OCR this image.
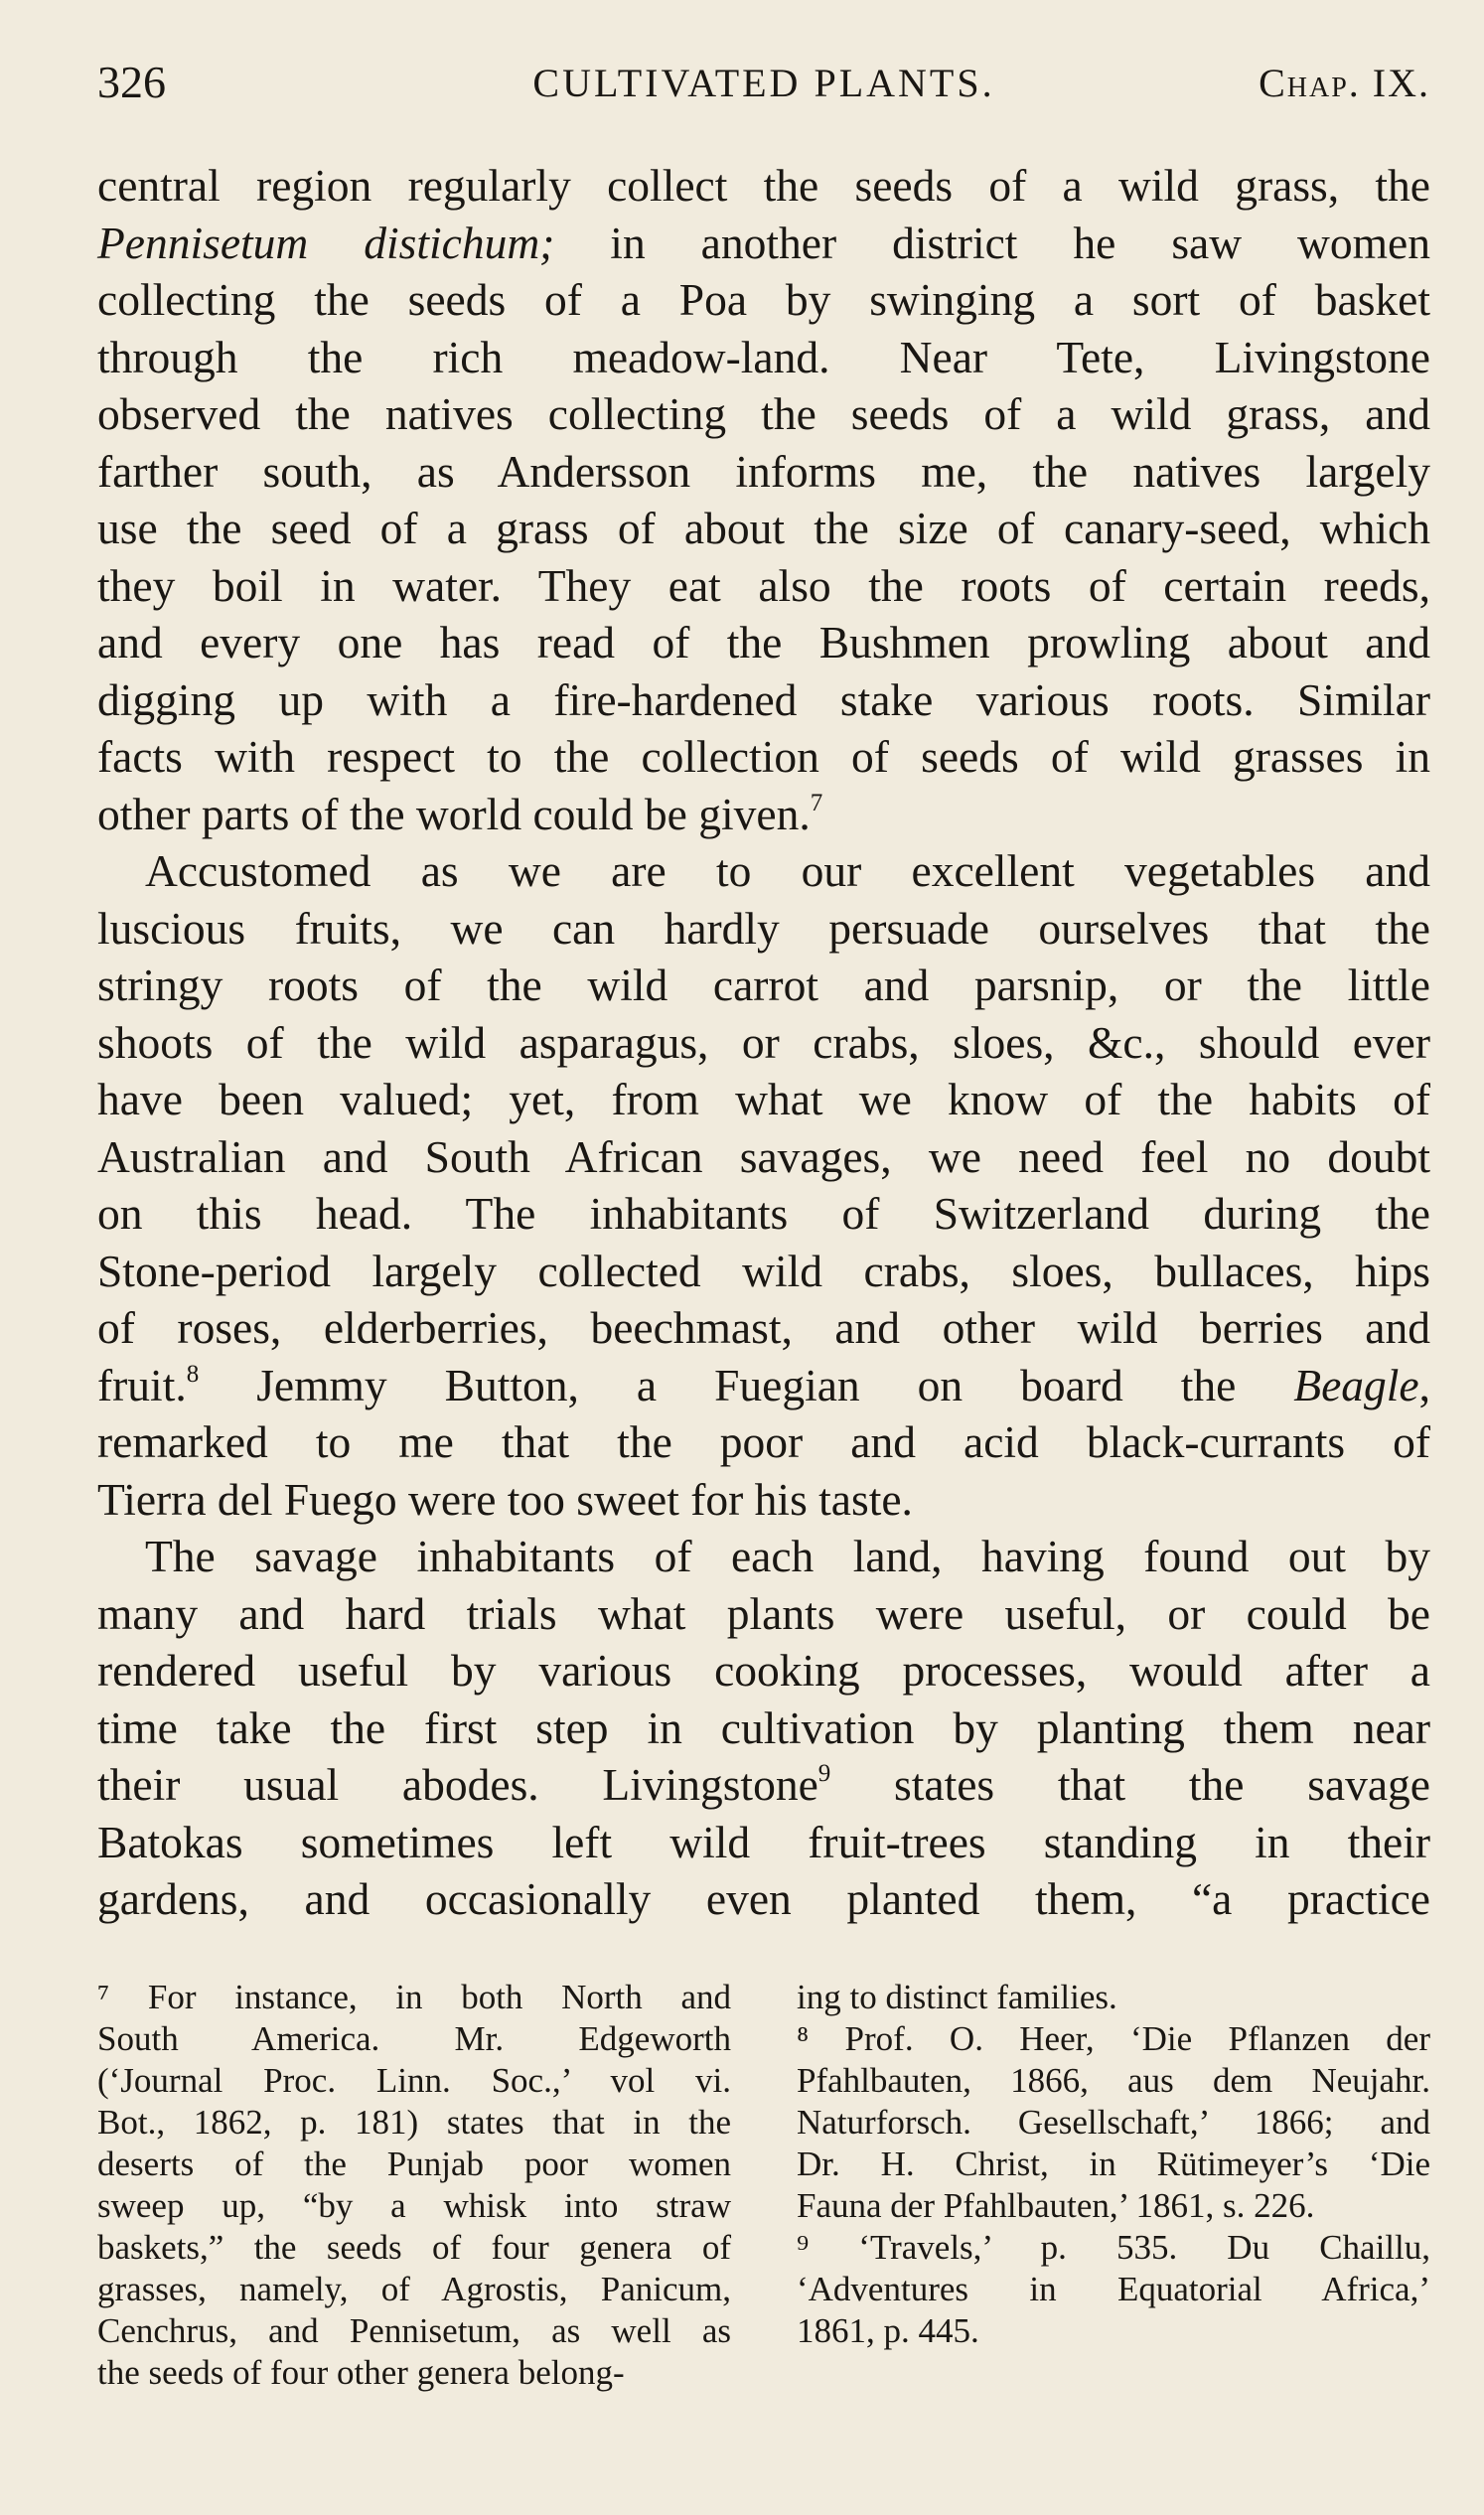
326	CULTIVATED PLANTS.	Chap. IX.

central region regularly collect the seeds of a wild grass, the

Pennisetum distichum; in another district he saw women

collecting the seeds of a Poa by swinging a sort of basket

through the rich meadow-land. Near Tete, Livingstone

observed the natives collecting the seeds of a wild grass, and

farther south, as Andersson informs me, the natives largely

use the seed of a grass of about the size of canary-seed, which

they boil in water. They eat also the roots of certain reeds,

and every one has read of the Bushmen prowling about and

digging up with a fire-hardened stake various roots. Similar

facts with respect to the collection of seeds of wild grasses in

other parts of the world could be given.$^7$

Accustomed as we are to our excellent vegetables and

luscious fruits, we can hardly persuade ourselves that the

stringy roots of the wild carrot and parsnip, or the little

shoots of the wild asparagus, or crabs, sloes, &c., should ever

have been valued; yet, from what we know of the habits of

Australian and South African savages, we need feel no doubt

on this head. The inhabitants of Switzerland during the

Stone-period largely collected wild crabs, sloes, bullaces, hips

of roses, elderberries, beechmast, and other wild berries and

fruit.$^8$ Jemmy Button, a Fuegian on board the Beagle,

remarked to me that the poor and acid black-currants of

Tierra del Fuego were too sweet for his taste.

The savage inhabitants of each land, having found out by

many and hard trials what plants were useful, or could be

rendered useful by various cooking processes, would after a

time take the first step in cultivation by planting them near

their usual abodes. Livingstone$^9$ states that the savage

Batokas sometimes left wild fruit-trees standing in their

gardens, and occasionally even planted them, “a practice

⁷ For instance, in both North and
South America. Mr. Edgeworth
(‘Journal Proc. Linn. Soc.,’ vol vi.
Bot., 1862, p. 181) states that in the
deserts of the Punjab poor women
sweep up, “by a whisk into straw
baskets,” the seeds of four genera of
grasses, namely, of Agrostis, Panicum,
Cenchrus, and Pennisetum, as well as
the seeds of four other genera belong-
ing to distinct families.
⁸ Prof. O. Heer, ‘Die Pflanzen der
Pfahlbauten, 1866, aus dem Neujahr.
Naturforsch. Gesellschaft,’ 1866; and
Dr. H. Christ, in Rütimeyer’s ‘Die
Fauna der Pfahlbauten,’ 1861, s. 226.
⁹ ‘Travels,’ p. 535. Du Chaillu,
‘Adventures in Equatorial Africa,’
1861, p. 445.
